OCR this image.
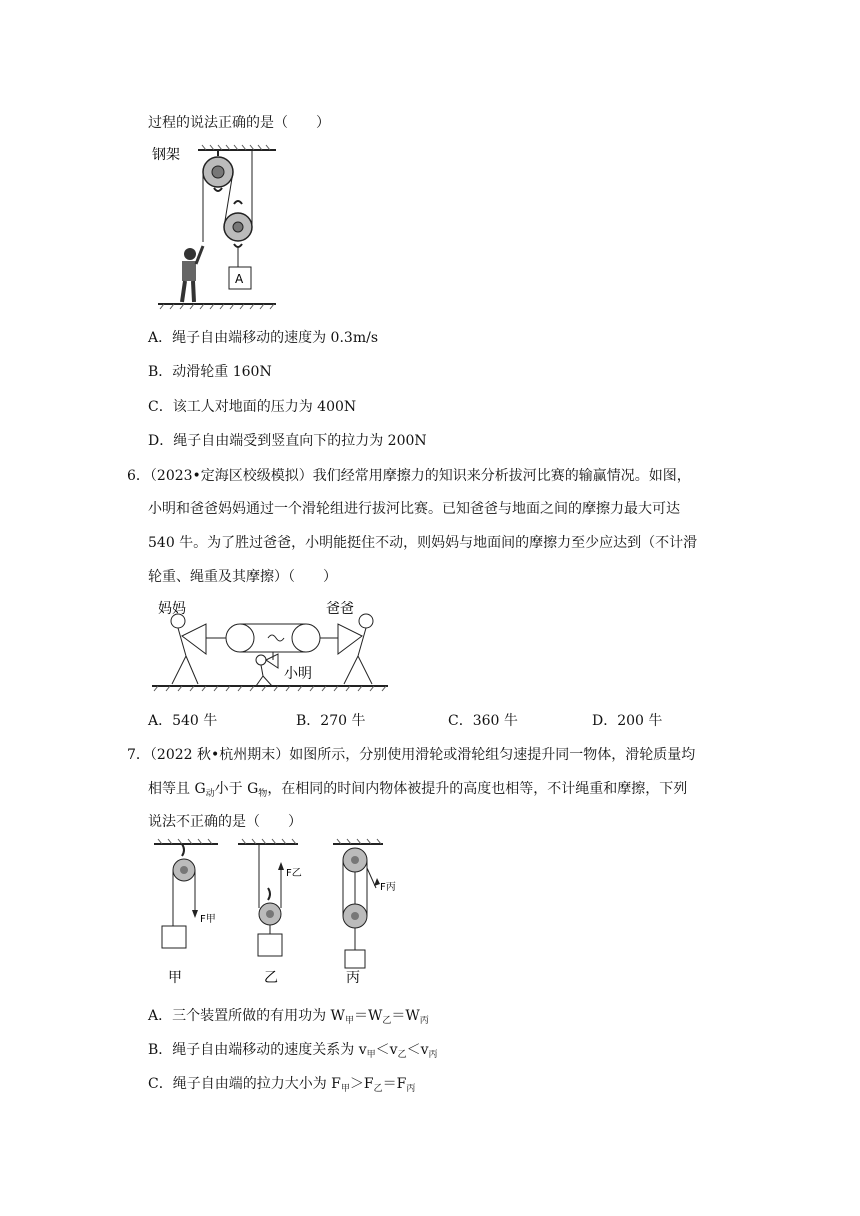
过程的说法正确的是（　　）
钢架
A
A．绳子自由端移动的速度为 0.3m/s
B．动滑轮重 160N
C．该工人对地面的压力为 400N
D．绳子自由端受到竖直向下的拉力为 200N
6．（2023•定海区校级模拟）我们经常用摩擦力的知识来分析拔河比赛的输赢情况。如图，
小明和爸爸妈妈通过一个滑轮组进行拔河比赛。已知爸爸与地面之间的摩擦力最大可达
540 牛。为了胜过爸爸，小明能挺住不动，则妈妈与地面间的摩擦力至少应达到（不计滑
轮重、绳重及其摩擦）（　　）
妈妈	爸爸
小明
A．540 牛	B．270 牛	C．360 牛	D．200 牛
7．（2022 秋•杭州期末）如图所示，分别使用滑轮或滑轮组匀速提升同一物体，滑轮质量均
相等且 $G_动$小于 $G_物$，在相同的时间内物体被提升的高度也相等，不计绳重和摩擦，下列
说法不正确的是（　　）
F甲
甲
F乙
乙
F丙
丙
A．三个装置所做的有用功为 $W_甲=W_乙=W_丙$
B．绳子自由端移动的速度关系为 $v_甲<v_乙<v_丙$
C．绳子自由端的拉力大小为 $F_甲>F_乙=F_丙$
